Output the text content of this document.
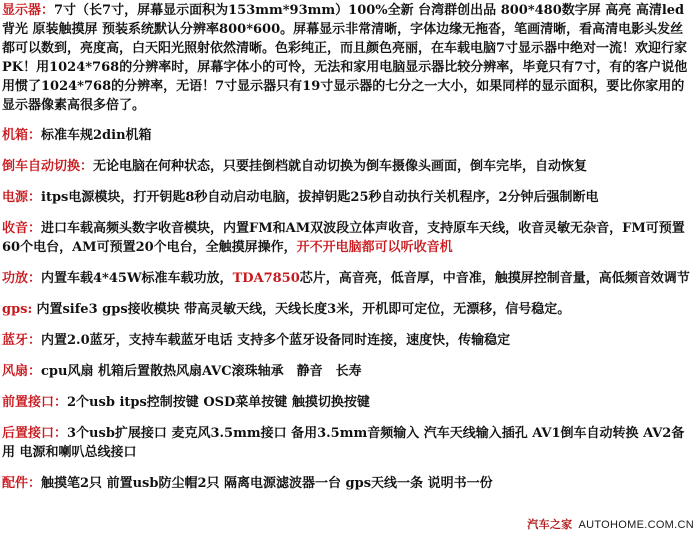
显示器：7寸（长7寸，屏幕显示面积为153mm*93mm）100%全新 台湾群创出品 800*480数字屏 高亮 高清led背光 原装触摸屏 预装系统默认分辨率800*600。屏幕显示非常清晰，字体边缘无拖沓，笔画清晰，看高清电影头发丝都可以数到，亮度高，白天阳光照射依然清晰。色彩纯正，而且颜色亮丽，在车载电脑7寸显示器中绝对一流！欢迎行家PK！用1024*768的分辨率时，屏幕字体小的可怜，无法和家用电脑显示器比较分辨率，毕竟只有7寸，有的客户说他用惯了1024*768的分辨率，无语！7寸显示器只有19寸显示器的七分之一大小，如果同样的显示面积，要比你家用的显示器像素高很多倍了。

机箱：标准车规2din机箱

倒车自动切换：无论电脑在何种状态，只要挂倒档就自动切换为倒车摄像头画面，倒车完毕，自动恢复

电源：itps电源模块，打开钥匙8秒自动启动电脑，拔掉钥匙25秒自动执行关机程序，2分钟后强制断电

收音：进口车载高频头数字收音模块，内置FM和AM双波段立体声收音，支持原车天线，收音灵敏无杂音，FM可预置60个电台，AM可预置20个电台，全触摸屏操作，开不开电脑都可以听收音机

功放：内置车载4*45W标准车载功放，TDA7850芯片，高音亮，低音厚，中音准，触摸屏控制音量，高低频音效调节

gps: 内置sife3 gps接收模块 带高灵敏天线，天线长度3米，开机即可定位，无漂移，信号稳定。

蓝牙：内置2.0蓝牙，支持车载蓝牙电话 支持多个蓝牙设备同时连接，速度快，传输稳定

风扇：cpu风扇 机箱后置散热风扇AVC滚珠轴承　静音　长寿

前置接口：2个usb itps控制按键 OSD菜单按键 触摸切换按键

后置接口：3个usb扩展接口 麦克风3.5mm接口 备用3.5mm音频输入 汽车天线输入插孔 AV1倒车自动转换 AV2备用 电源和喇叭总线接口

配件：触摸笔2只 前置usb防尘帽2只 隔离电源滤波器一台 gps天线一条 说明书一份

汽车之家 AUTOHOME.COM.CN
